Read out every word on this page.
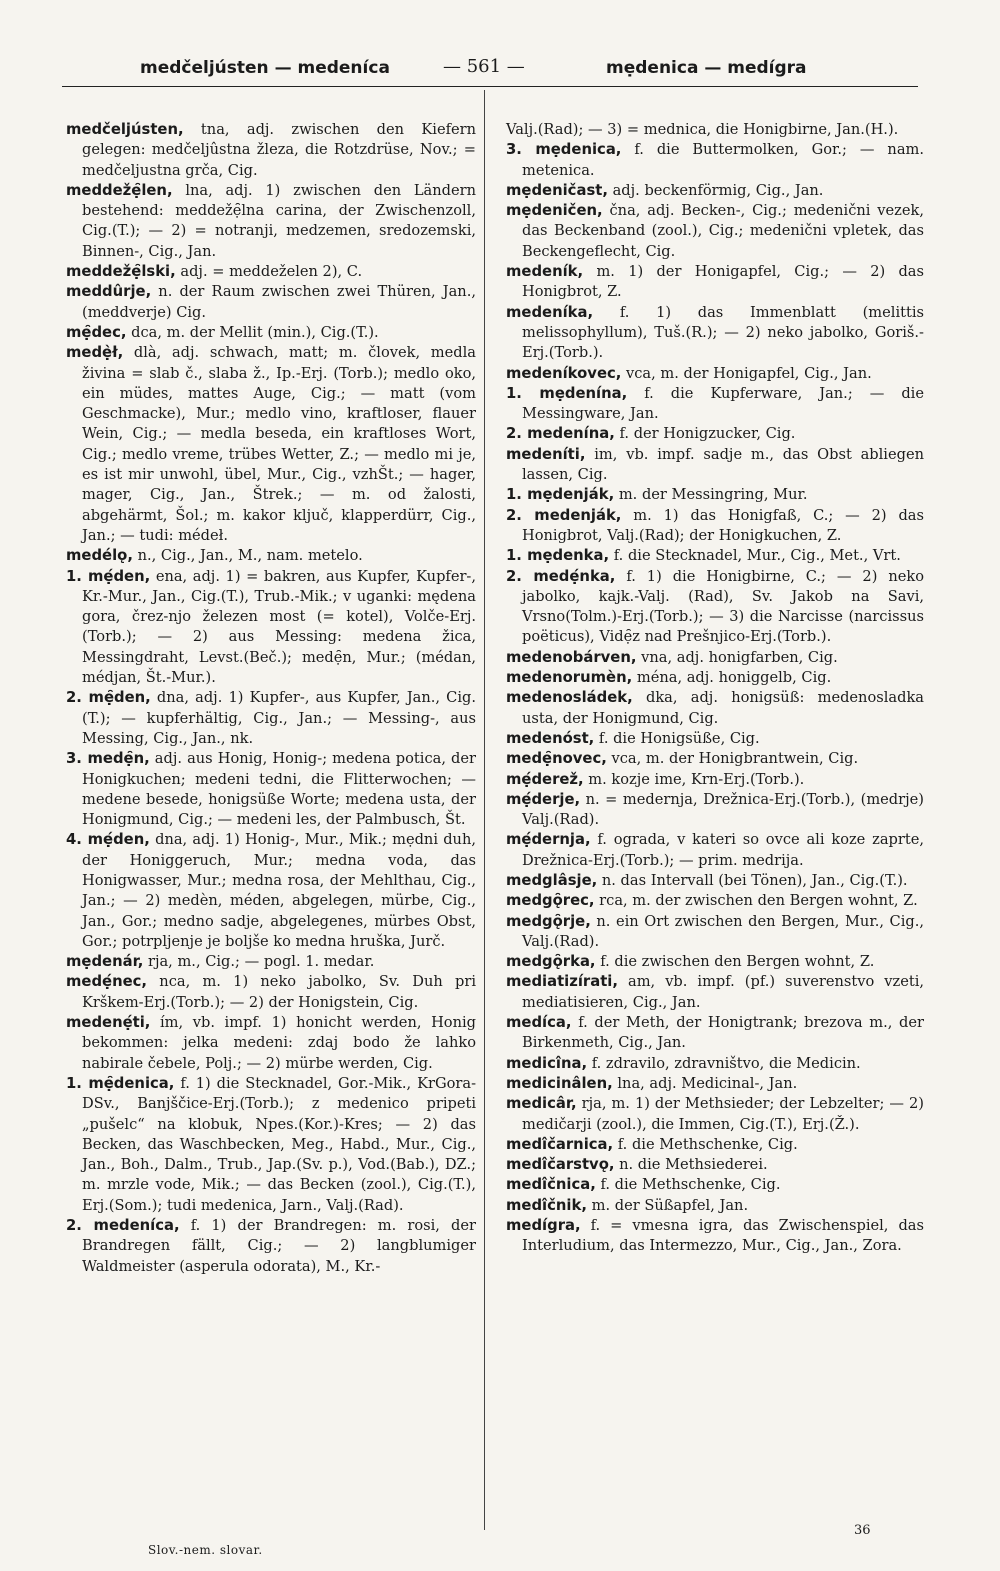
medčeljústen — medeníca	— 561 —	mẹdenica — medígra
medčeljústen, tna, adj. zwischen den Kiefern gelegen: medčeljûstna žleza, die Rotzdrüse, Nov.; = medčeljustna grča, Cig.
meddežẹ̑len, lna, adj. 1) zwischen den Ländern bestehend: meddežẹ̑lna carina, der Zwischenzoll, Cig.(T.); — 2) = notranji, medzemen, sredozemski, Binnen-, Cig., Jan.
meddežẹ̑lski, adj. = meddeželen 2), C.
meddûrje, n. der Raum zwischen zwei Thüren, Jan., (meddverje) Cig.
mẹ̑dec, dca, m. der Mellit (min.), Cig.(T.).
medẹ̀ł, dlà, adj. schwach, matt; m. človek, medla živina = slab č., slaba ž., Ip.-Erj. (Torb.); medlo oko, ein müdes, mattes Auge, Cig.; — matt (vom Geschmacke), Mur.; medlo vino, kraftloser, flauer Wein, Cig.; — medla beseda, ein kraftloses Wort, Cig.; medlo vreme, trübes Wetter, Z.; — medlo mi je, es ist mir unwohl, übel, Mur., Cig., vzhŠt.; — hager, mager, Cig., Jan., Štrek.; — m. od žalosti, abgehärmt, Šol.; m. kakor ključ, klapperdürr, Cig., Jan.; — tudi: médeł.
medélǫ, n., Cig., Jan., M., nam. metelo.
1. mẹ́den, ena, adj. 1) = bakren, aus Kupfer, Kupfer-, Kr.-Mur., Jan., Cig.(T.), Trub.-Mik.; v uganki: mędena gora, črez-njo železen most (= kotel), Volče-Erj.(Torb.); — 2) aus Messing: medena žica, Messingdraht, Levst.(Beč.); medẹ̑n, Mur.; (médan, médjan, Št.-Mur.).
2. mẹ̑den, dna, adj. 1) Kupfer-, aus Kupfer, Jan., Cig.(T.); — kupferhältig, Cig., Jan.; — Messing-, aus Messing, Cig., Jan., nk.
3. medẹ̑n, adj. aus Honig, Honig-; medena potica, der Honigkuchen; medeni tedni, die Flitterwochen; — medene besede, honigsüße Worte; medena usta, der Honigmund, Cig.; — medeni les, der Palmbusch, Št.
4. mẹ́den, dna, adj. 1) Honig-, Mur., Mik.; mẹdni duh, der Honiggeruch, Mur.; medna voda, das Honigwasser, Mur.; medna rosa, der Mehlthau, Cig., Jan.; — 2) medèn, méden, abgelegen, mürbe, Cig., Jan., Gor.; medno sadje, abgelegenes, mürbes Obst, Gor.; potrpljenje je boljše ko medna hruška, Jurč.
mẹdenár, rja, m., Cig.; — pogl. 1. medar.
medẹ́nec, nca, m. 1) neko jabolko, Sv. Duh pri Krškem-Erj.(Torb.); — 2) der Honigstein, Cig.
medenẹ́ti, ím, vb. impf. 1) honicht werden, Honig bekommen: jelka medeni: zdaj bodo že lahko nabirale čebele, Polj.; — 2) mürbe werden, Cig.
1. mẹ̑denica, f. 1) die Stecknadel, Gor.-Mik., KrGora-DSv., Banjščice-Erj.(Torb.); z medenico pripeti „pušelc“ na klobuk, Npes.(Kor.)-Kres; — 2) das Becken, das Waschbecken, Meg., Habd., Mur., Cig., Jan., Boh., Dalm., Trub., Jap.(Sv. p.), Vod.(Bab.), DZ.; m. mrzle vode, Mik.; — das Becken (zool.), Cig.(T.), Erj.(Som.); tudi medenica, Jarn., Valj.(Rad).
2. medeníca, f. 1) der Brandregen: m. rosi, der Brandregen fällt, Cig.; — 2) langblumiger Waldmeister (asperula odorata), M., Kr.-
Valj.(Rad); — 3) = mednica, die Honigbirne, Jan.(H.).
3. mẹdenica, f. die Buttermolken, Gor.; — nam. metenica.
mẹdeničast, adj. beckenförmig, Cig., Jan.
mẹdeničen, čna, adj. Becken-, Cig.; medenični vezek, das Beckenband (zool.), Cig.; medenični vpletek, das Beckengeflecht, Cig.
medeník, m. 1) der Honigapfel, Cig.; — 2) das Honigbrot, Z.
medeníka, f. 1) das Immenblatt (melittis melissophyllum), Tuš.(R.); — 2) neko jabolko, Goriš.-Erj.(Torb.).
medeníkovec, vca, m. der Honigapfel, Cig., Jan.
1. mẹdenína, f. die Kupferware, Jan.; — die Messingware, Jan.
2. medenína, f. der Honigzucker, Cig.
medeníti, im, vb. impf. sadje m., das Obst abliegen lassen, Cig.
1. mẹdenják, m. der Messingring, Mur.
2. medenják, m. 1) das Honigfaß, C.; — 2) das Honigbrot, Valj.(Rad); der Honigkuchen, Z.
1. mẹdenka, f. die Stecknadel, Mur., Cig., Met., Vrt.
2. medẹ́nka, f. 1) die Honigbirne, C.; — 2) neko jabolko, kajk.-Valj. (Rad), Sv. Jakob na Savi, Vrsno(Tolm.)-Erj.(Torb.); — 3) die Narcisse (narcissus poëticus), Vidẹ̑z nad Prešnjico-Erj.(Torb.).
medenobárven, vna, adj. honigfarben, Cig.
medenorumèn, ména, adj. honiggelb, Cig.
medenosládek, dka, adj. honigsüß: medenosladka usta, der Honigmund, Cig.
medenóst, f. die Honigsüße, Cig.
medẹ̑novec, vca, m. der Honigbrantwein, Cig.
mẹ́derež, m. kozje ime, Krn-Erj.(Torb.).
mẹ́derje, n. = medernja, Drežnica-Erj.(Torb.), (medrje) Valj.(Rad).
mẹ́dernja, f. ograda, v kateri so ovce ali koze zaprte, Drežnica-Erj.(Torb.); — prim. medrija.
medglâsje, n. das Intervall (bei Tönen), Jan., Cig.(T.).
medgǫ̑rec, rca, m. der zwischen den Bergen wohnt, Z.
medgǫ̑rje, n. ein Ort zwischen den Bergen, Mur., Cig., Valj.(Rad).
medgǫ̑rka, f. die zwischen den Bergen wohnt, Z.
mediatizírati, am, vb. impf. (pf.) suverenstvo vzeti, mediatisieren, Cig., Jan.
medíca, f. der Meth, der Honigtrank; brezova m., der Birkenmeth, Cig., Jan.
medicîna, f. zdravilo, zdravništvo, die Medicin.
medicinâlen, lna, adj. Medicinal-, Jan.
medicâr, rja, m. 1) der Methsieder; der Lebzelter; — 2) medičarji (zool.), die Immen, Cig.(T.), Erj.(Ž.).
medîčarnica, f. die Methschenke, Cig.
medîčarstvǫ, n. die Methsiederei.
medîčnica, f. die Methschenke, Cig.
medîčnik, m. der Süßapfel, Jan.
medígra, f. = vmesna igra, das Zwischenspiel, das Interludium, das Intermezzo, Mur., Cig., Jan., Zora.
Slov.-nem. slovar.
36
